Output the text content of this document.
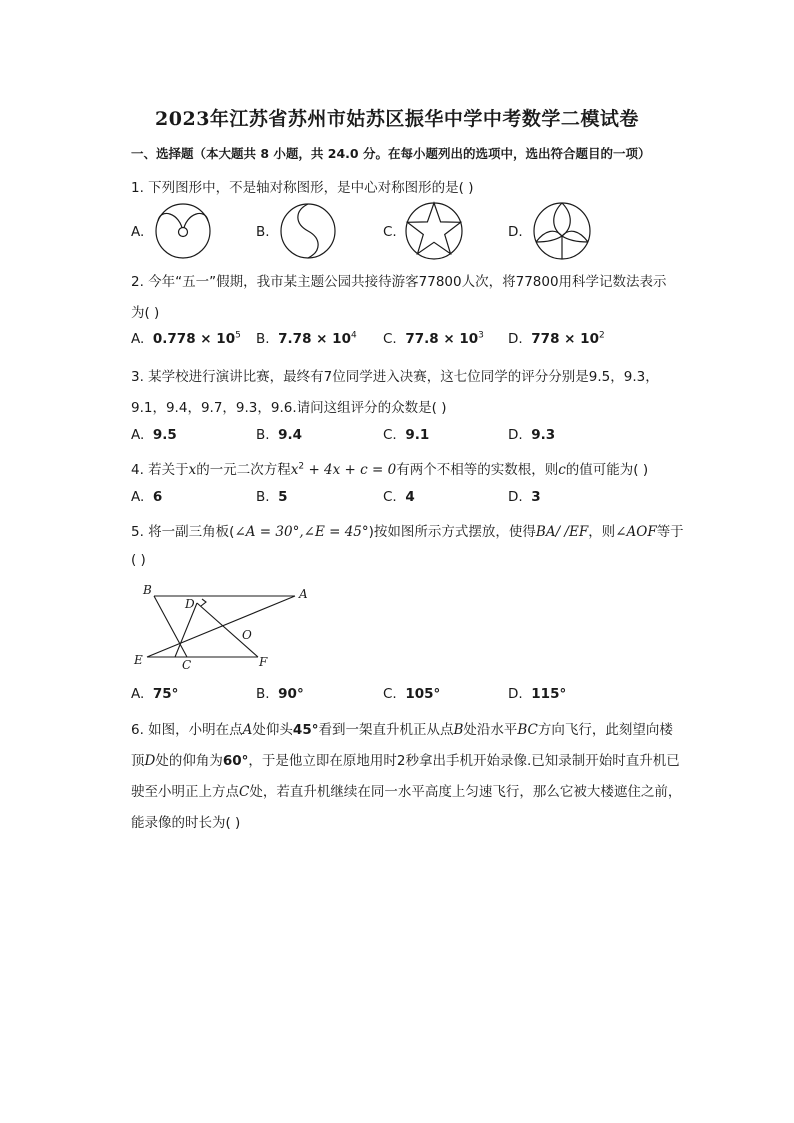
2023年江苏省苏州市姑苏区振华中学中考数学二模试卷
一、选择题（本大题共 8 小题，共 24.0 分。在每小题列出的选项中，选出符合题目的一项）
1. 下列图形中，不是轴对称图形，是中心对称图形的是( )
A.	B.	C.	D.
2. 今年“五一”假期，我市某主题公园共接待游客77800人次，将77800用科学记数法表示
为( )
A. $0.778 \times 10^5$ B. $7.78 \times 10^4$ C. $77.8 \times 10^3$ D. $778 \times 10^2$
3. 某学校进行演讲比赛，最终有7位同学进入决赛，这七位同学的评分分别是9.5，9.3，
9.1，9.4，9.7，9.3，9.6.请问这组评分的众数是( )
A. 9.5	B. 9.4	C. 9.1	D. 9.3
4. 若关于x的一元二次方程$x^2 + 4x + c = 0$有两个不相等的实数根，则c的值可能为( )
A. 6	B. 5	C. 4	D. 3
5. 将一副三角板(∠A = 30°,∠E = 45°)按如图所示方式摆放，使得BA/ /EF，则∠AOF等于
( )
B	A
D
O
E	C	F
A. 75°	B. 90°	C. 105°	D. 115°
6. 如图，小明在点A处仰头45°看到一架直升机正从点B处沿水平BC方向飞行，此刻望向楼
顶D处的仰角为60°，于是他立即在原地用时2秒拿出手机开始录像.已知录制开始时直升机已
驶至小明正上方点C处，若直升机继续在同一水平高度上匀速飞行，那么它被大楼遮住之前，
能录像的时长为( )
